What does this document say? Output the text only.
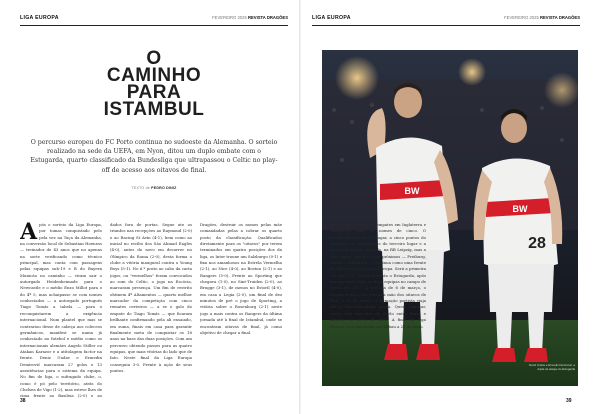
LIGA EUROPA	FEVEREIRO 2025 REVISTA DRAGÕES
O
CAMINHO
PARA
ISTAMBUL
O percurso europeu do FC Porto continua no sudoeste da Alemanha. O sorteio realizado na sede da UEFA, em Nyon, ditou um duplo embate com o Estugarda, quarto classificado da Bundesliga que ultrapassou o Celtic no play-off de acesso aos oitavos de final.
TEXTO de PEDRO DINIZ
Após o sorteio da Liga Europa, por tomas conquistado pelo pela vez na Taça da Alemanha, na conversão local de Sebastian Hoeness — treinador de 43 anos que no apenas na sorte verificando como técnico principal, mas conta com passagens pelas equipas sub-19 e B do Bayern Municão no caminho — viram sair o autorgado Heidenheimade para o Newcastle e o médio Enzo Millot para o do 4ª 5, mas achaipasse se com nomes conheciados — a autorgado portugués Tiago Tomás a tabela — para o reconquistarem a exigência internacional. Num plantel que mas se contrariou desse de cabeça aos coleceos germânicos, manifest se numa já conheciado no futebol e médio como os internacionais alemães Angelo Stiller ou Atakan Karazor e a atitolagem factor na frente. Deniz Undav e Ermedin Demirović marcaram 27 golos e 13 assistências para o sistema da equipa. No fim de liga, o sufragado clube, o, como é pó pelo território, atrás do Chelsea de Vigo (1-2), mas esteve lhes de cima frente ao Basileia (2-0) e ao
dados fora de portas. Segue ate os triunfos nas recepções ao Raymond (2-0) e ao Racing St Avin (4-1), bem como ao inicial no recibo dos São Ahmad Eagles (4-0), antes do novo em decorrer no Olímpico da Roma (2-0), desta forma o clube a vitória inaugural contra o Young Boys (5-1). No 6.º posto ao cabo da carta jogos, ou "vermelhos" foram convocados ao som do Celtic, o jogo na Escócia, marcaram presença. Um fim de restrito obtinem 4ª Altamentos — quarto melhor marcador da competição com cinco remates certeiros — a se o golo do empate do Tiago Tomás — que ficaram brilhante confirmando pela ali ensaiado, em suma, finais em casa para garantir finalmente meta de conquistar os 18 anos na base das duas posições. Com um percurso obtendo passes para as quatro equipas, que mais vitórias do lado que de fato. Neste final da Liga Europa conseguiu 3-0. Frente à ação de seus pontos.
Dragões, destruir os nomes pelas mãe comandadas pelas a cobrar os quarto posto da classificação. Qualificados diretamente para os "oitavos" por terem terminados em quatro posições dos da liga, os Inter trouxe um Salzburgo (0-1) e fixa nos amanhosos na Estrela Vermelha (2-1), ao Nice (4-0), ao Boston (2-1) e ao Rangers (5-0), Frente ao Sporting que chegava (1-0), no Sint-Truiden (2-0), ao Brugge (3-1), de menos no Estoril (4-0), em casa a Legia (2-0), um final de dez minutos de pré o jogo de Sporting, a vitória sobre o Rosenborg (2-1) neste jogo a mais contra os Rangers da última jornada até à final de Istambul, onde se encontram oitavas de final, já como objetivo de chegar a final.
38
LIGA EUROPA	FEVEREIRO 2025 REVISTA DRAGÕES
BW
BW
28
Deniz Undav e Ermedin Demirović, a dupla de ataque do Estugarda
no Estugarda como os empates em Inglaterra e Wolfsburg, para os nomes de cinco. O Estugarda está no 4.º lugar, a cinco pontos do Eintracht de Frankfurt e do terceiro lugar e a quatro do último apurado, na RB Leipzig, mas a luta contra vizinhos mais próximos — Freiburg, Mainz e Wolfsburg — continua como uma frente de objetivo na luta pela Europa. Será a primeira vez que o FC Porto defronta o Estugarda, após um encontro entre as duas equipas no campo de Viena em 2007. A jornada de 6 de março, o Dragão é palco da primeira mão dos oitavos de final; a 13 de março, a formação portista viaja até à Mercedes-Benz Arena. Quem avançar, cruza com vencedor do duelo entre Roma e Athletic no início de abril. A final da Liga Europa será disputada em Bilbau a 21 de maio.
39
